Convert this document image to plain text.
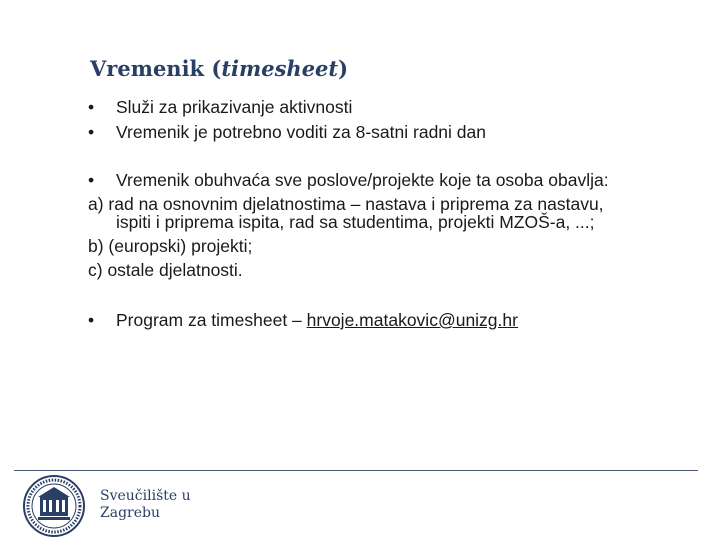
Vremenik (timesheet)
• Služi za prikazivanje aktivnosti
• Vremenik je potrebno voditi za 8-satni radni dan
• Vremenik obuhvaća sve poslove/projekte koje ta osoba obavlja:
a) rad na osnovnim djelatnostima – nastava i priprema za nastavu,
ispiti i priprema ispita, rad sa studentima, projekti MZOŠ-a, ...;
b) (europski) projekti;
c) ostale djelatnosti.
• Program za timesheet – hrvoje.matakovic@unizg.hr
Sveučilište u
Zagrebu
